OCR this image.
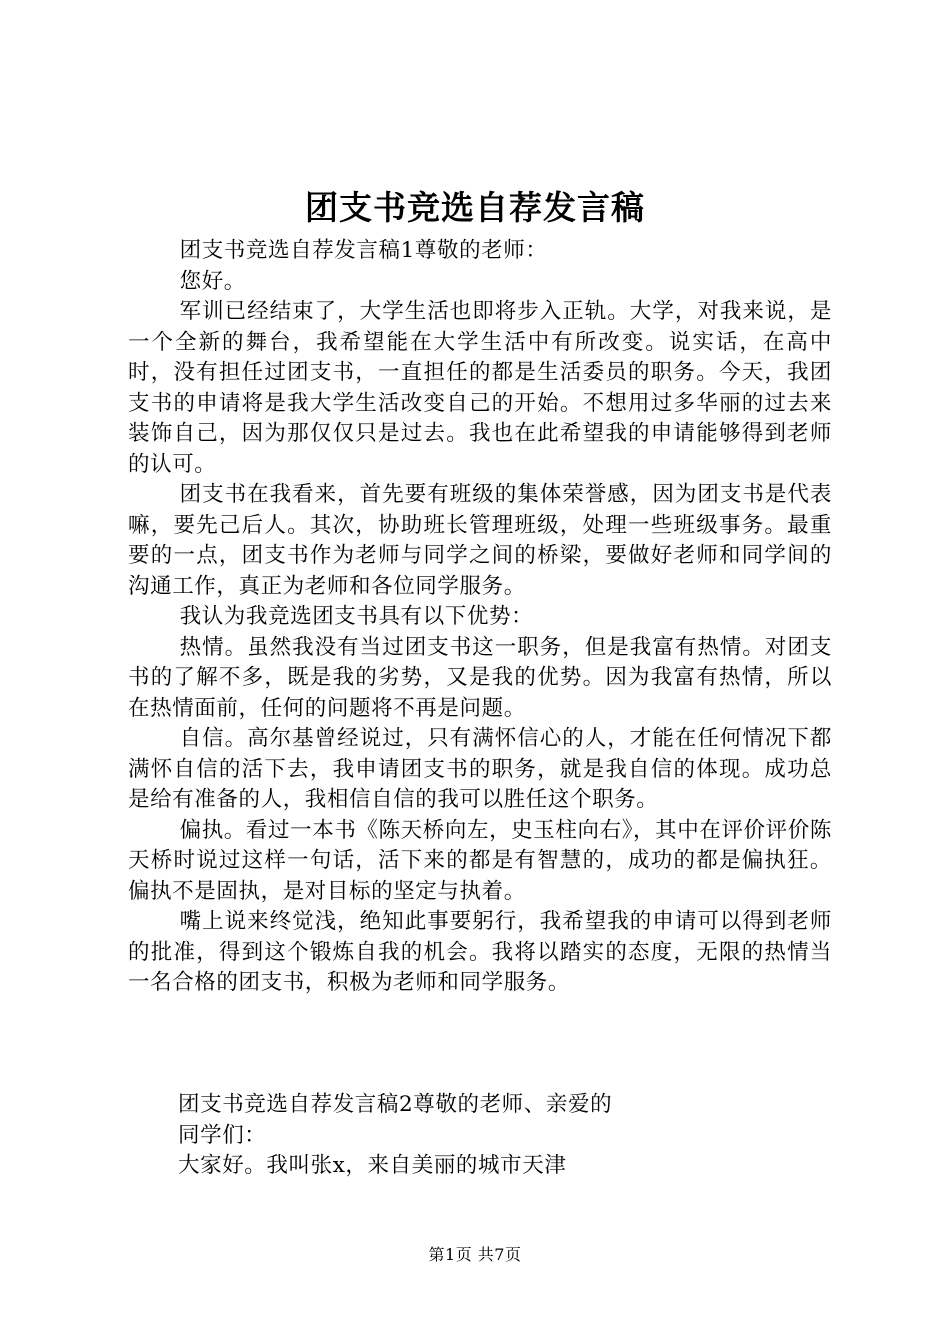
团支书竞选自荐发言稿

团支书竞选自荐发言稿1尊敬的老师：

您好。

军训已经结束了，大学生活也即将步入正轨。大学，对我来说，是一个全新的舞台，我希望能在大学生活中有所改变。说实话，在高中时，没有担任过团支书，一直担任的都是生活委员的职务。今天，我团支书的申请将是我大学生活改变自己的开始。不想用过多华丽的过去来装饰自己，因为那仅仅只是过去。我也在此希望我的申请能够得到老师的认可。

团支书在我看来，首先要有班级的集体荣誉感，因为团支书是代表嘛，要先己后人。其次，协助班长管理班级，处理一些班级事务。最重要的一点，团支书作为老师与同学之间的桥梁，要做好老师和同学间的沟通工作，真正为老师和各位同学服务。

我认为我竞选团支书具有以下优势：

热情。虽然我没有当过团支书这一职务，但是我富有热情。对团支书的了解不多，既是我的劣势，又是我的优势。因为我富有热情，所以在热情面前，任何的问题将不再是问题。

自信。高尔基曾经说过，只有满怀信心的人，才能在任何情况下都满怀自信的活下去，我申请团支书的职务，就是我自信的体现。成功总是给有准备的人，我相信自信的我可以胜任这个职务。

偏执。看过一本书《陈天桥向左，史玉柱向右》，其中在评价评价陈天桥时说过这样一句话，活下来的都是有智慧的，成功的都是偏执狂。偏执不是固执，是对目标的坚定与执着。

嘴上说来终觉浅，绝知此事要躬行，我希望我的申请可以得到老师的批准，得到这个锻炼自我的机会。我将以踏实的态度，无限的热情当一名合格的团支书，积极为老师和同学服务。

团支书竞选自荐发言稿2尊敬的老师、亲爱的

同学们：

大家好。我叫张x，来自美丽的城市天津

第1页 共7页
